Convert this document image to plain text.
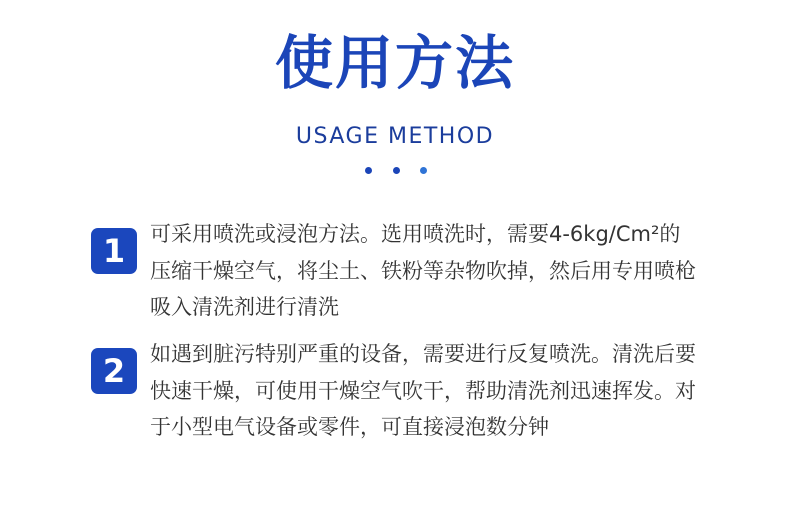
使用方法
USAGE METHOD
1	可采用喷洗或浸泡方法。选用喷洗时，需要4-6kg/Cm²的压缩干燥空气，将尘土、铁粉等杂物吹掉，然后用专用喷枪吸入清洗剂进行清洗
2	如遇到脏污特别严重的设备，需要进行反复喷洗。清洗后要快速干燥，可使用干燥空气吹干，帮助清洗剂迅速挥发。对于小型电气设备或零件，可直接浸泡数分钟
